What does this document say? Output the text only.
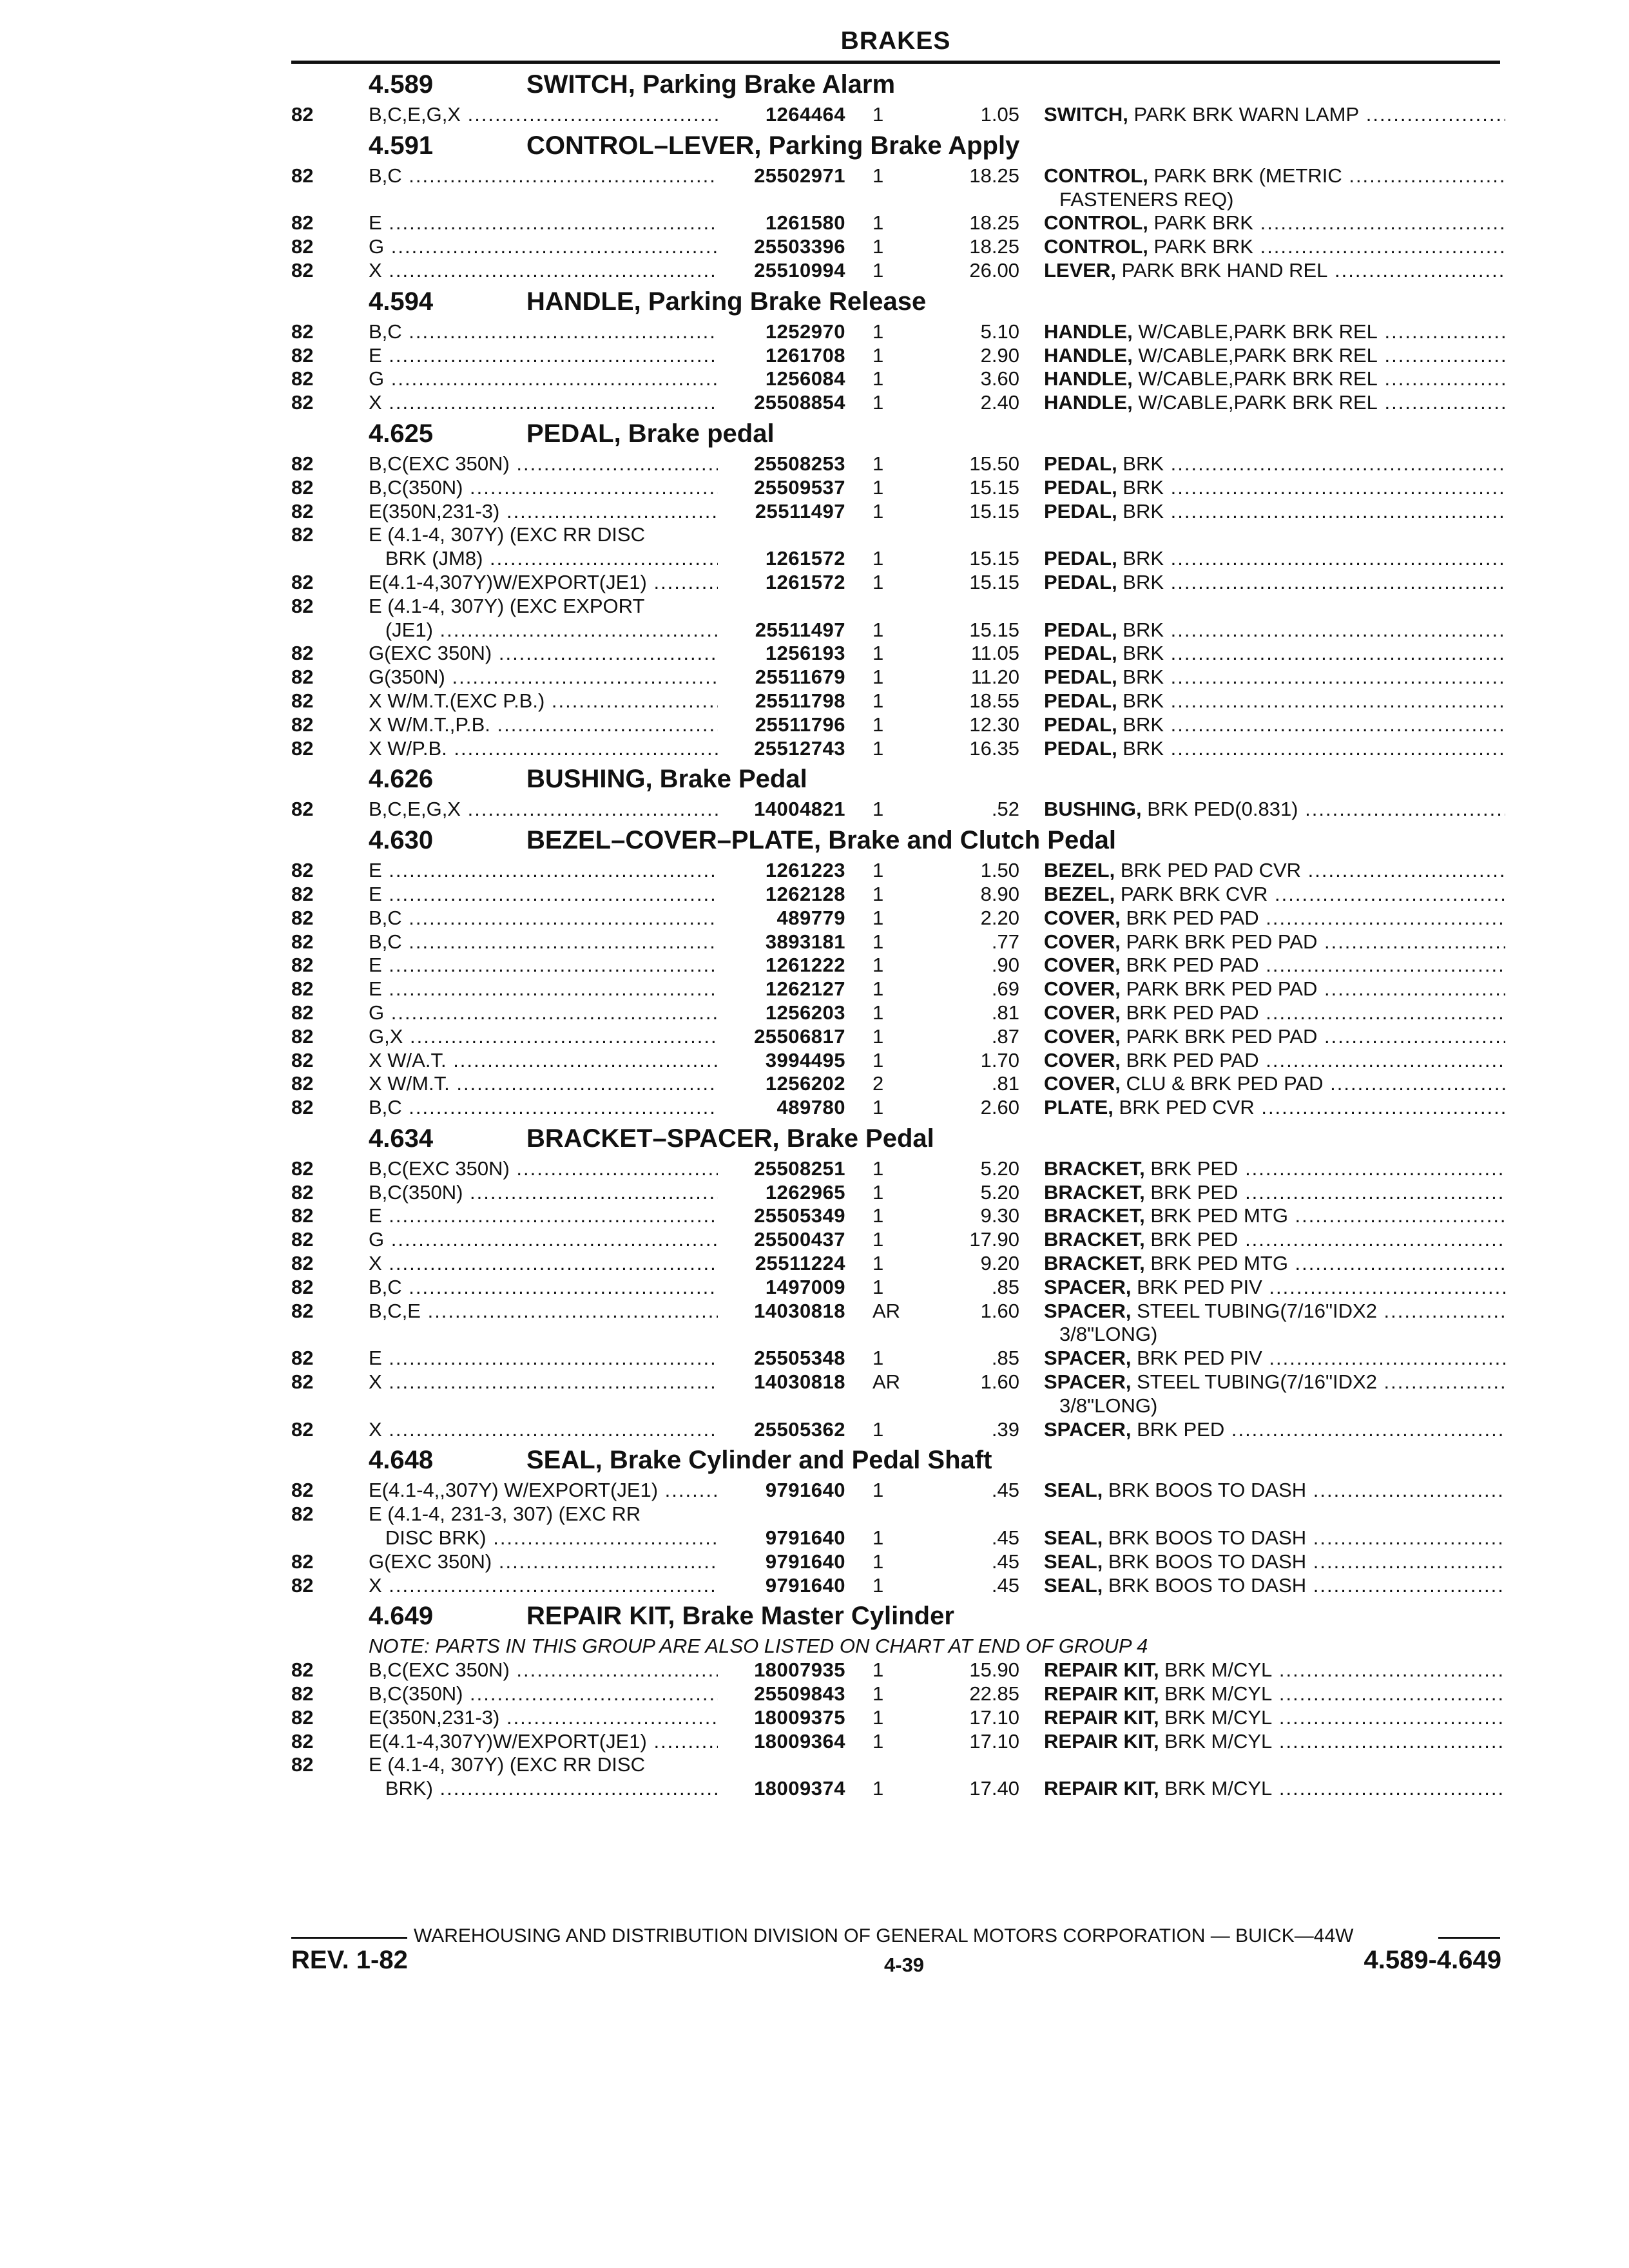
BRAKES
4.589	SWITCH, Parking Brake Alarm
82	B,C,E,G,X .....	1264464 1	1.05 SWITCH, PARK BRK WARN LAMP .....
4.591	CONTROL–LEVER, Parking Brake Apply
82	B,C .....	25502971 1	18.25 CONTROL, PARK BRK (METRIC .....
FASTENERS REQ)
82	E .....	1261580 1	18.25 CONTROL, PARK BRK .....
82	G .....	25503396 1	18.25 CONTROL, PARK BRK .....
82	X .....	25510994 1	26.00 LEVER, PARK BRK HAND REL .....
4.594	HANDLE, Parking Brake Release
82	B,C .....	1252970 1	5.10 HANDLE, W/CABLE,PARK BRK REL .....
82	E .....	1261708 1	2.90 HANDLE, W/CABLE,PARK BRK REL .....
82	G .....	1256084 1	3.60 HANDLE, W/CABLE,PARK BRK REL .....
82	X .....	25508854 1	2.40 HANDLE, W/CABLE,PARK BRK REL .....
4.625	PEDAL, Brake pedal
82	B,C(EXC 350N) .....	25508253 1	15.50 PEDAL, BRK .....
82	B,C(350N) .....	25509537 1	15.15 PEDAL, BRK .....
82	E(350N,231-3) .....	25511497 1	15.15 PEDAL, BRK .....
82	E (4.1-4, 307Y) (EXC RR DISC
BRK (JM8) .....	1261572 1	15.15 PEDAL, BRK .....
82	E(4.1-4,307Y)W/EXPORT(JE1) .....	1261572 1	15.15 PEDAL, BRK .....
82	E (4.1-4, 307Y) (EXC EXPORT
(JE1) .....	25511497 1	15.15 PEDAL, BRK .....
82	G(EXC 350N) .....	1256193 1	11.05 PEDAL, BRK .....
82	G(350N) .....	25511679 1	11.20 PEDAL, BRK .....
82	X W/M.T.(EXC P.B.) .....	25511798 1	18.55 PEDAL, BRK .....
82	X W/M.T.,P.B. .....	25511796 1	12.30 PEDAL, BRK .....
82	X W/P.B. .....	25512743 1	16.35 PEDAL, BRK .....
4.626	BUSHING, Brake Pedal
82	B,C,E,G,X .....	14004821 1	.52 BUSHING, BRK PED(0.831) .....
4.630	BEZEL–COVER–PLATE, Brake and Clutch Pedal
82	E .....	1261223 1	1.50 BEZEL, BRK PED PAD CVR .....
82	E .....	1262128 1	8.90 BEZEL, PARK BRK CVR .....
82	B,C .....	489779 1	2.20 COVER, BRK PED PAD .....
82	B,C .....	3893181 1	.77 COVER, PARK BRK PED PAD .....
82	E .....	1261222 1	.90 COVER, BRK PED PAD .....
82	E .....	1262127 1	.69 COVER, PARK BRK PED PAD .....
82	G .....	1256203 1	.81 COVER, BRK PED PAD .....
82	G,X .....	25506817 1	.87 COVER, PARK BRK PED PAD .....
82	X W/A.T. .....	3994495 1	1.70 COVER, BRK PED PAD .....
82	X W/M.T. .....	1256202 2	.81 COVER, CLU & BRK PED PAD .....
82	B,C .....	489780 1	2.60 PLATE, BRK PED CVR .....
4.634	BRACKET–SPACER, Brake Pedal
82	B,C(EXC 350N) .....	25508251 1	5.20 BRACKET, BRK PED .....
82	B,C(350N) .....	1262965 1	5.20 BRACKET, BRK PED .....
82	E .....	25505349 1	9.30 BRACKET, BRK PED MTG .....
82	G .....	25500437 1	17.90 BRACKET, BRK PED .....
82	X .....	25511224 1	9.20 BRACKET, BRK PED MTG .....
82	B,C .....	1497009 1	.85 SPACER, BRK PED PIV .....
82	B,C,E .....	14030818 AR	1.60 SPACER, STEEL TUBING(7/16"IDX2 .....
3/8"LONG)
82	E .....	25505348 1	.85 SPACER, BRK PED PIV .....
82	X .....	14030818 AR	1.60 SPACER, STEEL TUBING(7/16"IDX2 .....
3/8"LONG)
82	X .....	25505362 1	.39 SPACER, BRK PED .....
4.648	SEAL, Brake Cylinder and Pedal Shaft
82	E(4.1-4,,307Y) W/EXPORT(JE1) .....	9791640 1	.45 SEAL, BRK BOOS TO DASH .....
82	E (4.1-4, 231-3, 307) (EXC RR
DISC BRK) .....	9791640 1	.45 SEAL, BRK BOOS TO DASH .....
82	G(EXC 350N) .....	9791640 1	.45 SEAL, BRK BOOS TO DASH .....
82	X .....	9791640 1	.45 SEAL, BRK BOOS TO DASH .....
4.649	REPAIR KIT, Brake Master Cylinder
NOTE: PARTS IN THIS GROUP ARE ALSO LISTED ON CHART AT END OF GROUP 4
82	B,C(EXC 350N) .....	18007935 1	15.90 REPAIR KIT, BRK M/CYL .....
82	B,C(350N) .....	25509843 1	22.85 REPAIR KIT, BRK M/CYL .....
82	E(350N,231-3) .....	18009375 1	17.10 REPAIR KIT, BRK M/CYL .....
82	E(4.1-4,307Y)W/EXPORT(JE1) .....	18009364 1	17.10 REPAIR KIT, BRK M/CYL .....
82	E (4.1-4, 307Y) (EXC RR DISC
BRK) .....	18009374 1	17.40 REPAIR KIT, BRK M/CYL .....
WAREHOUSING AND DISTRIBUTION DIVISION OF GENERAL MOTORS CORPORATION — BUICK—44W
REV. 1-82	4-39	4.589-4.649
